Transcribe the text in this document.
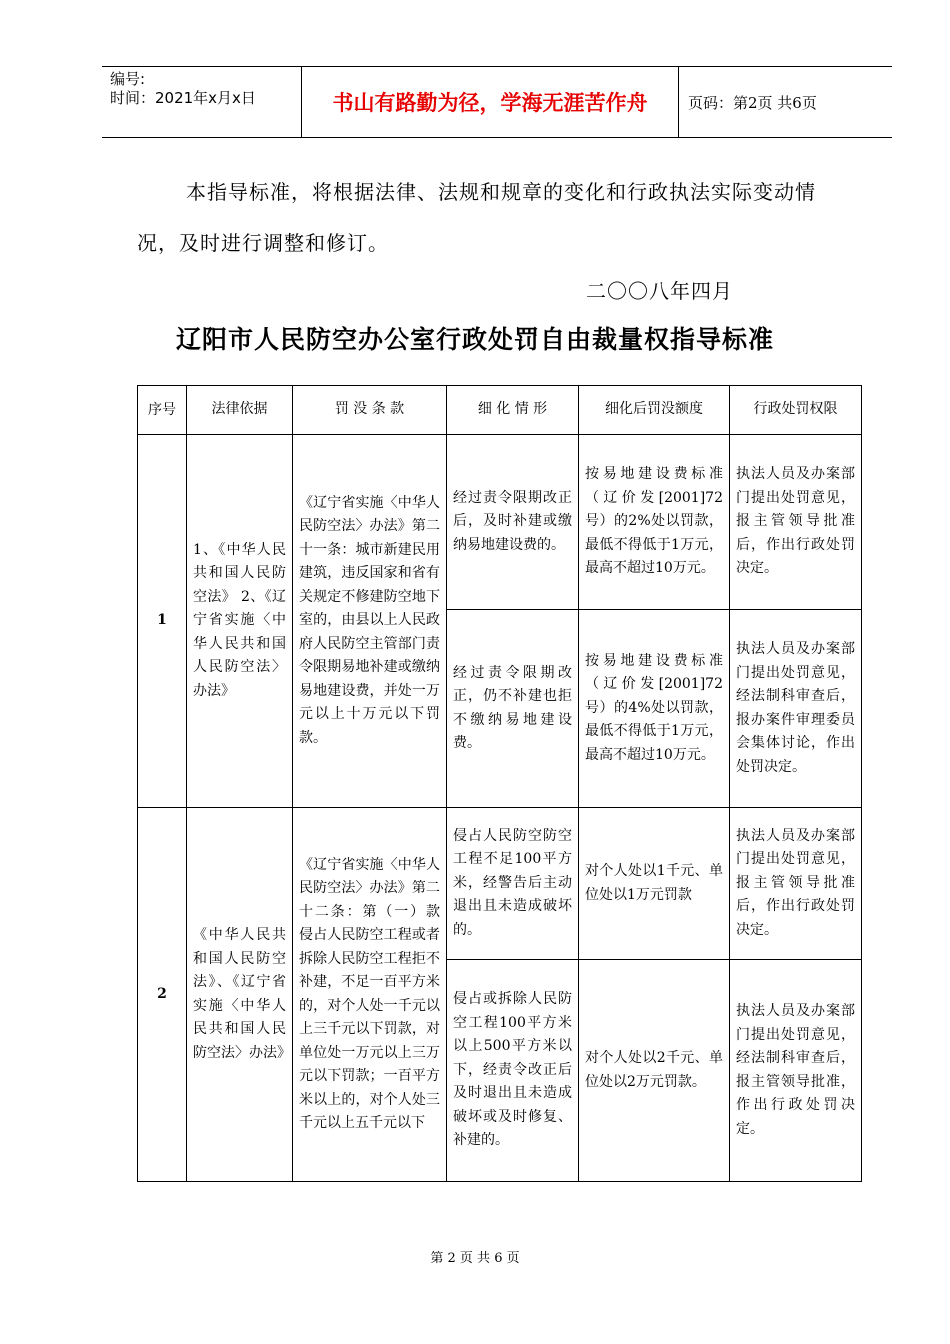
编号:
时间：2021年x月x日	书山有路勤为径，学海无涯苦作舟	页码：第2页 共6页
本指导标准，将根据法律、法规和规章的变化和行政执法实际变动情
况，及时进行调整和修订。
二〇〇八年四月
辽阳市人民防空办公室行政处罚自由裁量权指导标准
序号	法律依据	罚 没 条 款	细 化 情 形	细化后罚没额度	行政处罚权限
1	1、《中华人民共和国人民防空法》 2、《辽宁省实施〈中华人民共和国人民防空法〉办法》	《辽宁省实施〈中华人民防空法〉办法》第二十一条：城市新建民用建筑，违反国家和省有关规定不修建防空地下室的，由县以上人民政府人民防空主管部门责令限期易地补建或缴纳易地建设费，并处一万元以上十万元以下罚款。	经过责令限期改正后，及时补建或缴纳易地建设费的。	按易地建设费标准（辽价发[2001]72号）的2%处以罚款，最低不得低于1万元，最高不超过10万元。	执法人员及办案部门提出处罚意见，报主管领导批准后，作出行政处罚决定。
			经过责令限期改正，仍不补建也拒不缴纳易地建设费。	按易地建设费标准（辽价发[2001]72号）的4%处以罚款，最低不得低于1万元，最高不超过10万元。	执法人员及办案部门提出处罚意见，经法制科审查后，报办案件审理委员会集体讨论，作出处罚决定。
2	《中华人民共和国人民防空法》、《辽宁省实施〈中华人民共和国人民防空法〉办法》	《辽宁省实施〈中华人民防空法〉办法》第二十二条：第（一）款 侵占人民防空工程或者拆除人民防空工程拒不补建，不足一百平方米的，对个人处一千元以上三千元以下罚款，对单位处一万元以上三万元以下罚款；一百平方米以上的，对个人处三千元以上五千元以下	侵占人民防空防空工程不足100平方米，经警告后主动退出且未造成破坏的。	对个人处以1千元、单位处以1万元罚款	执法人员及办案部门提出处罚意见，报主管领导批准后，作出行政处罚决定。
			侵占或拆除人民防空工程100平方米以上500平方米以下，经责令改正后及时退出且未造成破坏或及时修复、补建的。	对个人处以2千元、单位处以2万元罚款。	执法人员及办案部门提出处罚意见，经法制科审查后，报主管领导批准，作出行政处罚决定。
第 2 页 共 6 页
